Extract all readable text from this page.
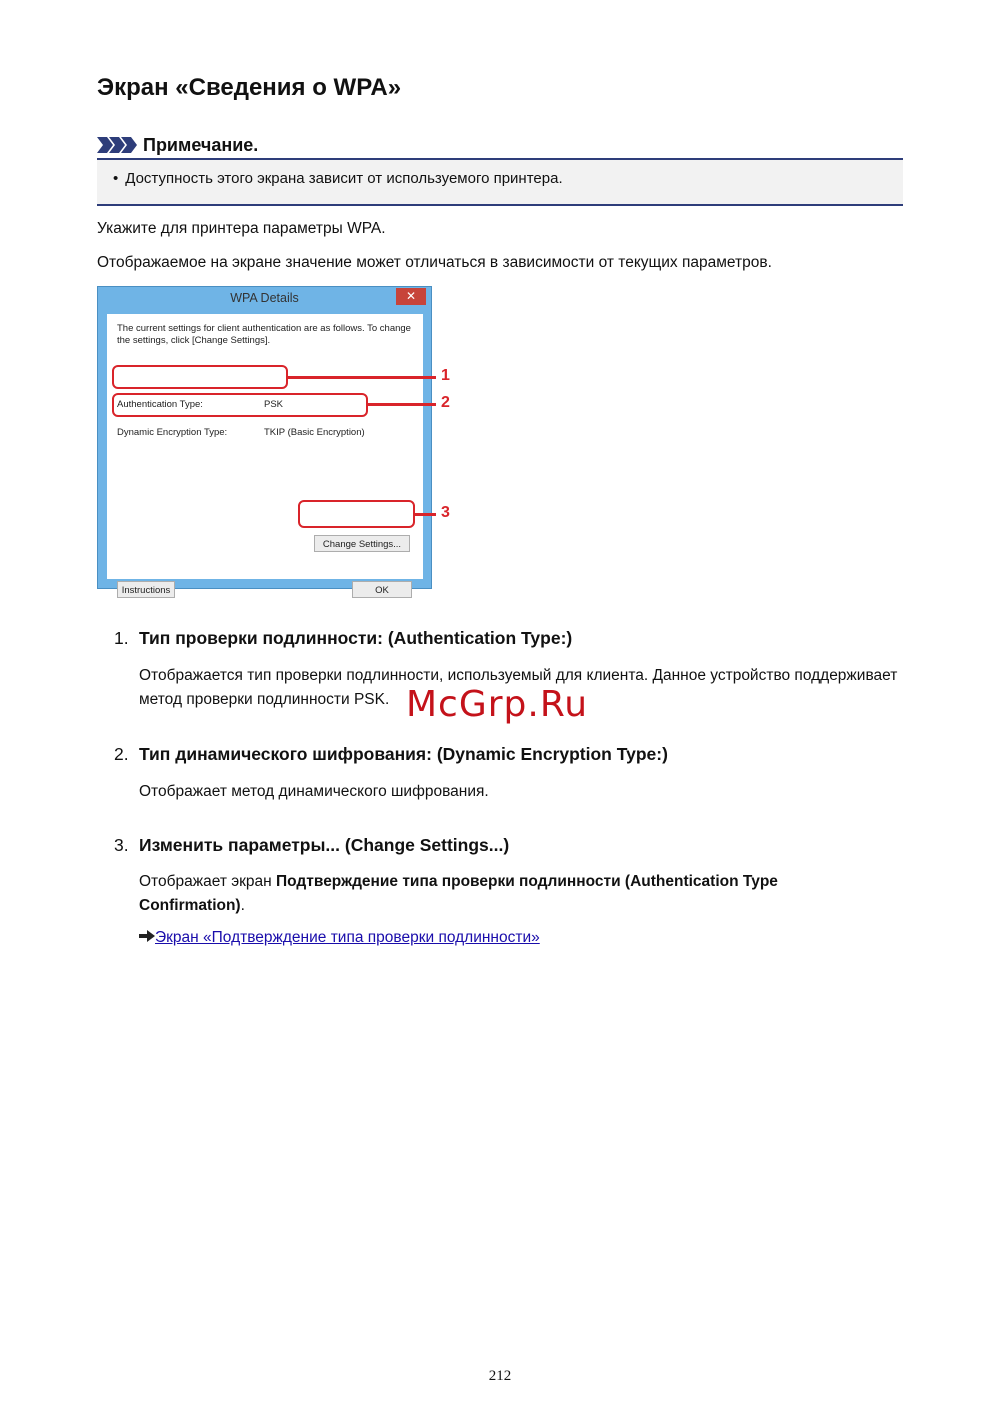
Экран «Сведения о WPA»
Примечание.
• Доступность этого экрана зависит от используемого принтера.
Укажите для принтера параметры WPA.
Отображаемое на экране значение может отличаться в зависимости от текущих параметров.
WPA Details	✕
The current settings for client authentication are as follows. To change the settings, click [Change Settings].
Authentication Type:	PSK
Dynamic Encryption Type:	TKIP (Basic Encryption)
Change Settings...
Instructions	OK
1
2
3
1. Тип проверки подлинности: (Authentication Type:)
Отображается тип проверки подлинности, используемый для клиента. Данное устройство поддерживает метод проверки подлинности PSK.
2. Тип динамического шифрования: (Dynamic Encryption Type:)
Отображает метод динамического шифрования.
3. Изменить параметры... (Change Settings...)
Отображает экран Подтверждение типа проверки подлинности (Authentication Type Confirmation).
Экран «Подтверждение типа проверки подлинности»
McGrp.Ru
212
